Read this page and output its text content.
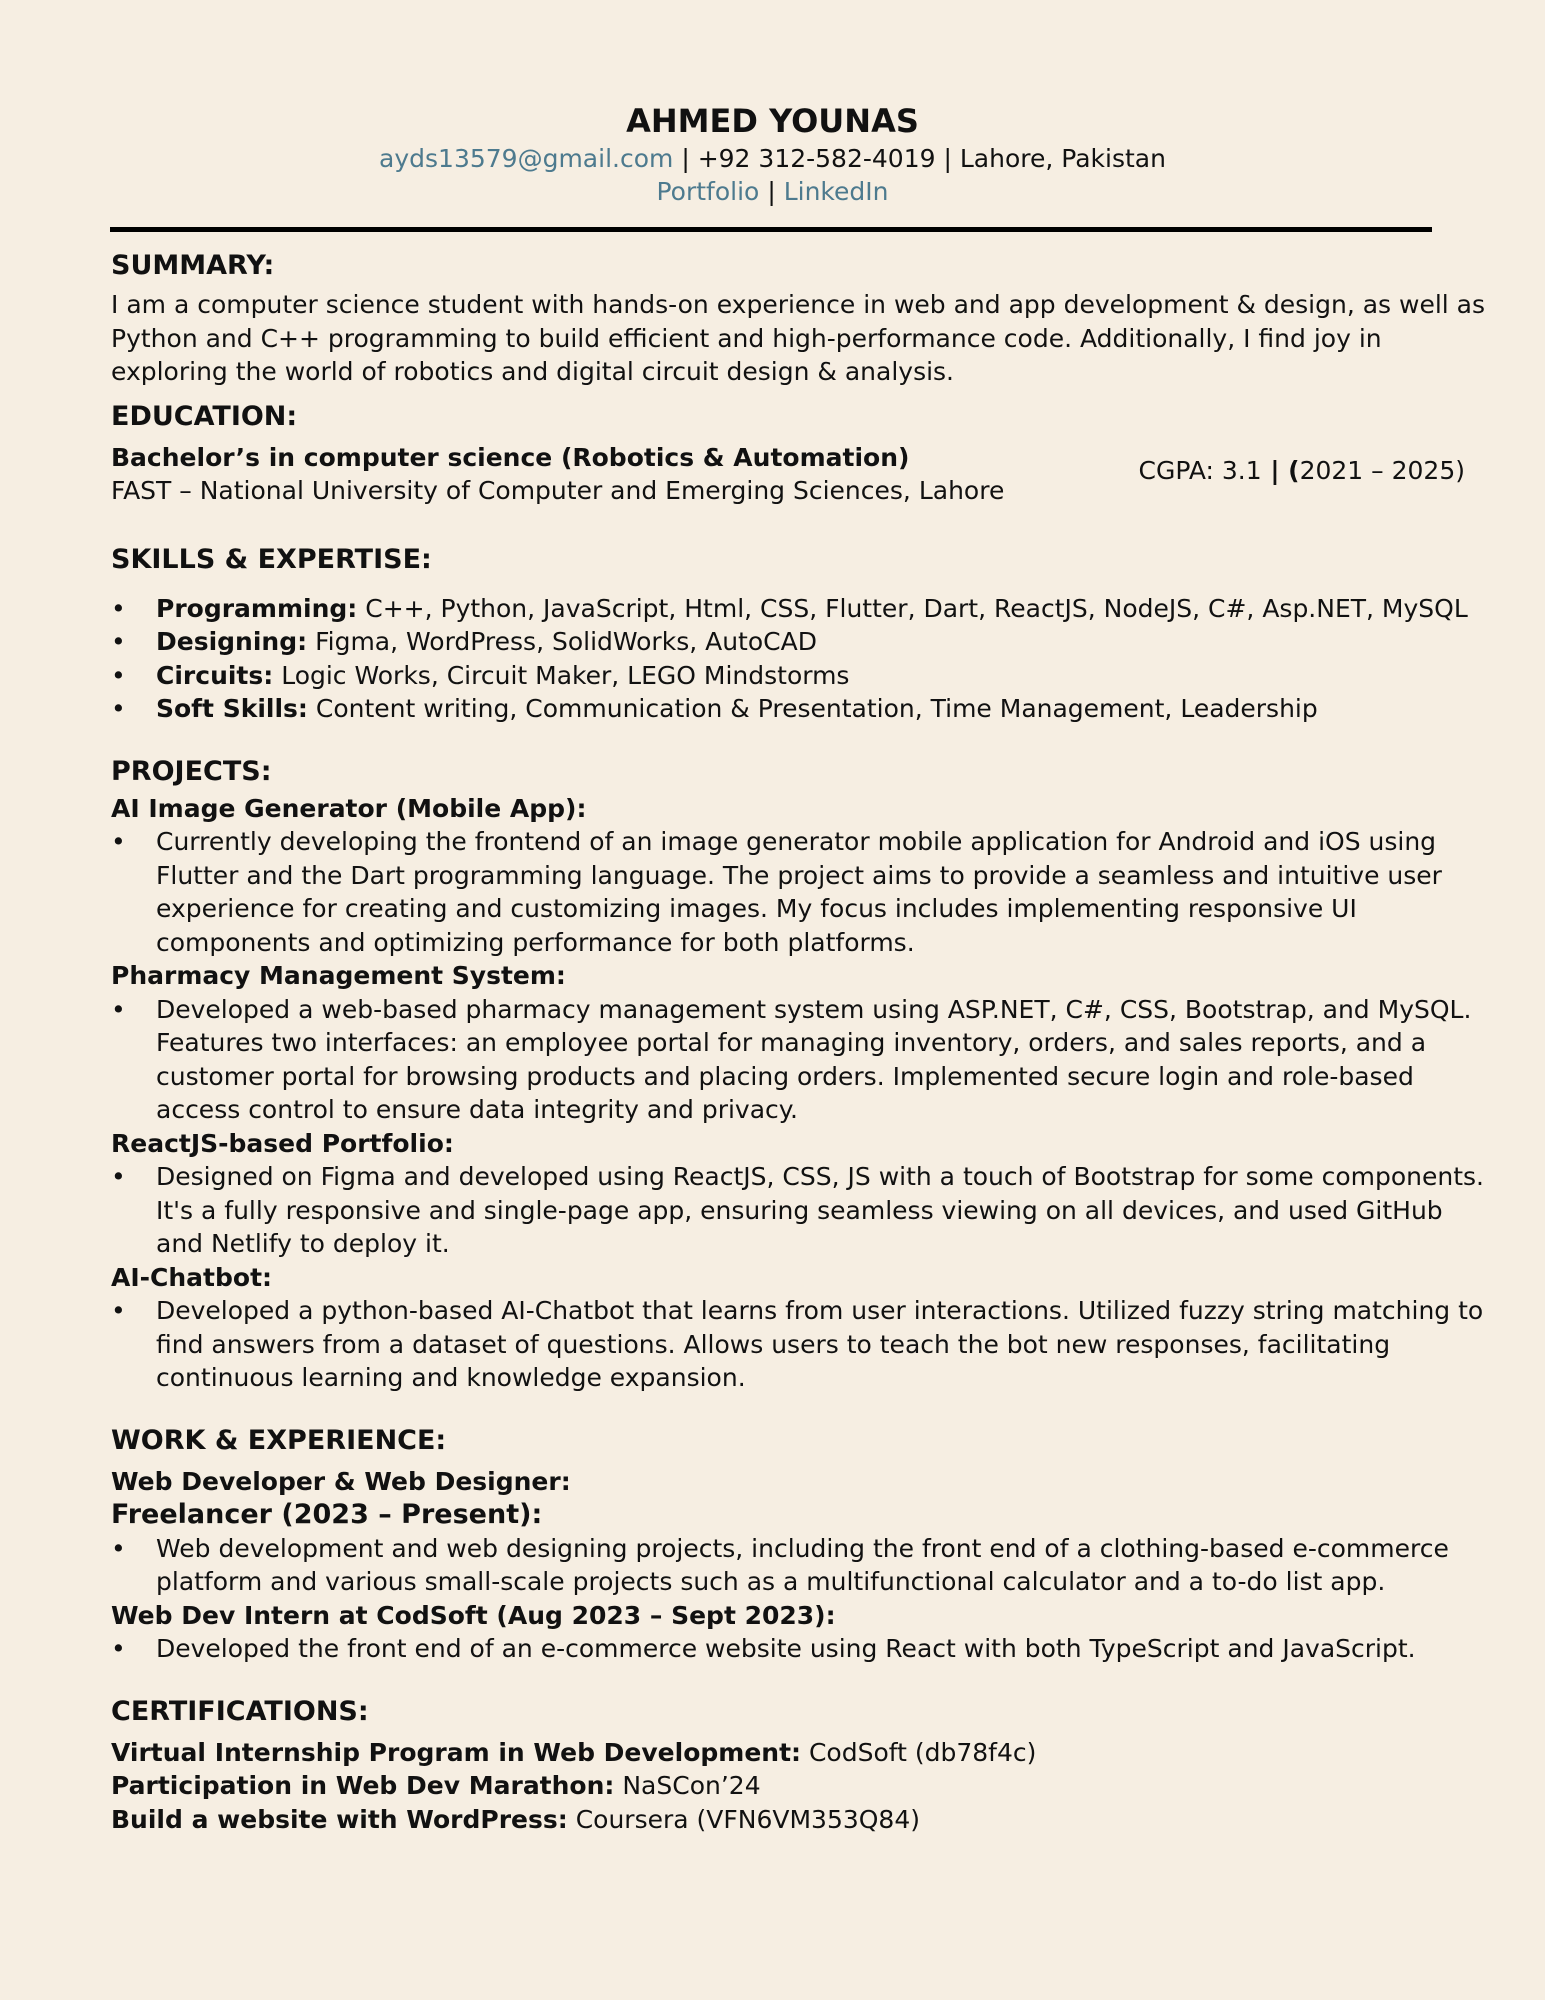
AHMED YOUNAS
ayds13579@gmail.com | +92 312-582-4019 | Lahore, Pakistan
Portfolio | LinkedIn
SUMMARY:

I am a computer science student with hands-on experience in web and app development & design, as well as Python and C++ programming to build efficient and high-performance code. Additionally, I find joy in exploring the world of robotics and digital circuit design & analysis.

EDUCATION:
Bachelor’s in computer science (Robotics & Automation)
FAST – National University of Computer and Emerging Sciences, Lahore
CGPA: 3.1 | (2021 – 2025)
SKILLS & EXPERTISE:
• Programming: C++, Python, JavaScript, Html, CSS, Flutter, Dart, ReactJS, NodeJS, C#, Asp.NET, MySQL
• Designing: Figma, WordPress, SolidWorks, AutoCAD
• Circuits: Logic Works, Circuit Maker, LEGO Mindstorms
• Soft Skills: Content writing, Communication & Presentation, Time Management, Leadership
PROJECTS:
AI Image Generator (Mobile App):
• Currently developing the frontend of an image generator mobile application for Android and iOS using Flutter and the Dart programming language. The project aims to provide a seamless and intuitive user experience for creating and customizing images. My focus includes implementing responsive UI components and optimizing performance for both platforms.
Pharmacy Management System:
• Developed a web-based pharmacy management system using ASP.NET, C#, CSS, Bootstrap, and MySQL. Features two interfaces: an employee portal for managing inventory, orders, and sales reports, and a customer portal for browsing products and placing orders. Implemented secure login and role-based access control to ensure data integrity and privacy.
ReactJS-based Portfolio:
• Designed on Figma and developed using ReactJS, CSS, JS with a touch of Bootstrap for some components. It's a fully responsive and single-page app, ensuring seamless viewing on all devices, and used GitHub and Netlify to deploy it.
AI-Chatbot:
• Developed a python-based AI-Chatbot that learns from user interactions. Utilized fuzzy string matching to find answers from a dataset of questions. Allows users to teach the bot new responses, facilitating continuous learning and knowledge expansion.
WORK & EXPERIENCE:
Web Developer & Web Designer:
Freelancer (2023 – Present):
• Web development and web designing projects, including the front end of a clothing-based e-commerce platform and various small-scale projects such as a multifunctional calculator and a to-do list app.
Web Dev Intern at CodSoft (Aug 2023 – Sept 2023):
• Developed the front end of an e-commerce website using React with both TypeScript and JavaScript.
CERTIFICATIONS:
Virtual Internship Program in Web Development: CodSoft (db78f4c)
Participation in Web Dev Marathon: NaSCon’24
Build a website with WordPress: Coursera (VFN6VM353Q84)
